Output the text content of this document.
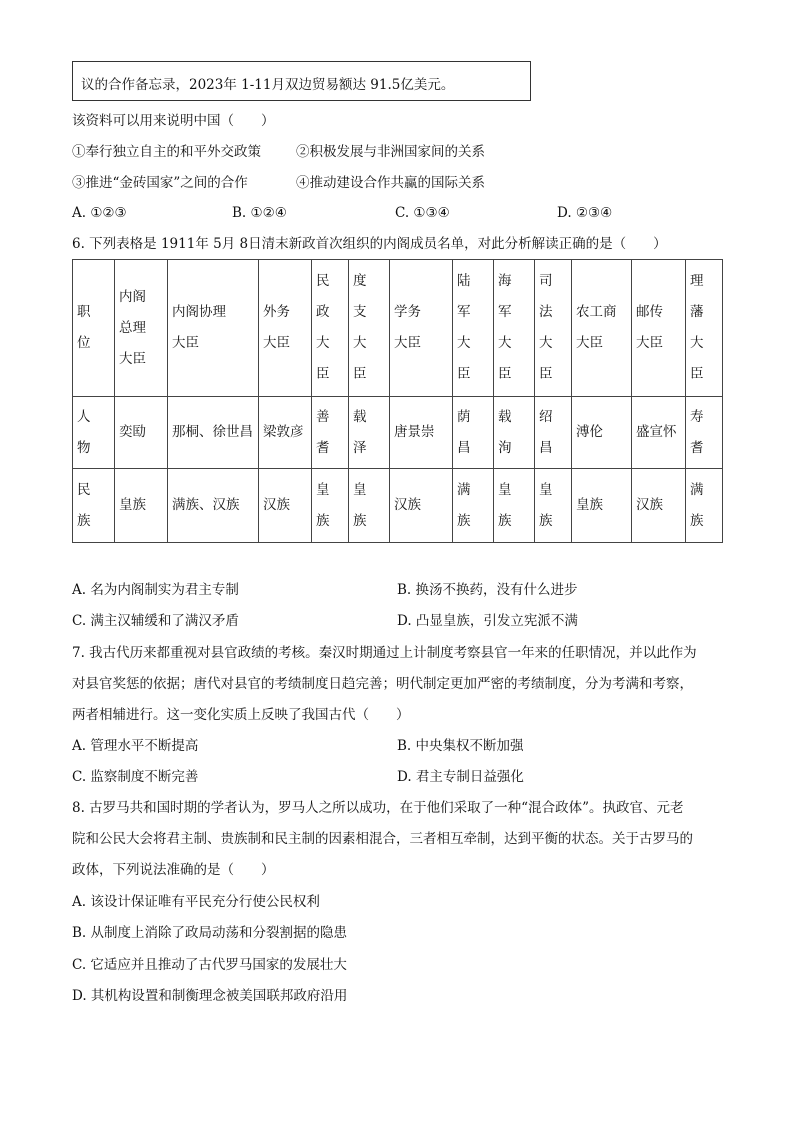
议的合作备忘录，2023年 1-11月双边贸易额达 91.5亿美元。
该资料可以用来说明中国（　　）
①奉行独立自主的和平外交政策	②积极发展与非洲国家间的关系
③推进“金砖国家”之间的合作	④推动建设合作共赢的国际关系
A. ①②③	B. ①②④	C. ①③④	D. ②③④
6. 下列表格是 1911年 5月 8日清末新政首次组织的内阁成员名单，对此分析解读正确的是（　　）
职位	内阁总理大臣	内阁协理大臣	外务大臣	民政大臣	度支大臣	学务大臣	陆军大臣	海军大臣	司法大臣	农工商大臣	邮传大臣	理藩大臣

人物	奕劻	那桐、徐世昌	梁敦彦	善耆	载泽	唐景崇	荫昌	载洵	绍昌	溥伦	盛宣怀	寿耆

民族	皇族	满族、汉族	汉族	皇族	皇族	汉族	满族	皇族	皇族	皇族	汉族	满族
A. 名为内阁制实为君主专制	B. 换汤不换药，没有什么进步
C. 满主汉辅缓和了满汉矛盾	D. 凸显皇族，引发立宪派不满
7. 我古代历来都重视对县官政绩的考核。秦汉时期通过上计制度考察县官一年来的任职情况，并以此作为
对县官奖惩的依据；唐代对县官的考绩制度日趋完善；明代制定更加严密的考绩制度，分为考满和考察，
两者相辅进行。这一变化实质上反映了我国古代（　　）
A. 管理水平不断提高	B. 中央集权不断加强
C. 监察制度不断完善	D. 君主专制日益强化
8. 古罗马共和国时期的学者认为，罗马人之所以成功，在于他们采取了一种“混合政体”。执政官、元老
院和公民大会将君主制、贵族制和民主制的因素相混合，三者相互牵制，达到平衡的状态。关于古罗马的
政体，下列说法准确的是（　　）
A. 该设计保证唯有平民充分行使公民权利
B. 从制度上消除了政局动荡和分裂割据的隐患
C. 它适应并且推动了古代罗马国家的发展壮大
D. 其机构设置和制衡理念被美国联邦政府沿用
